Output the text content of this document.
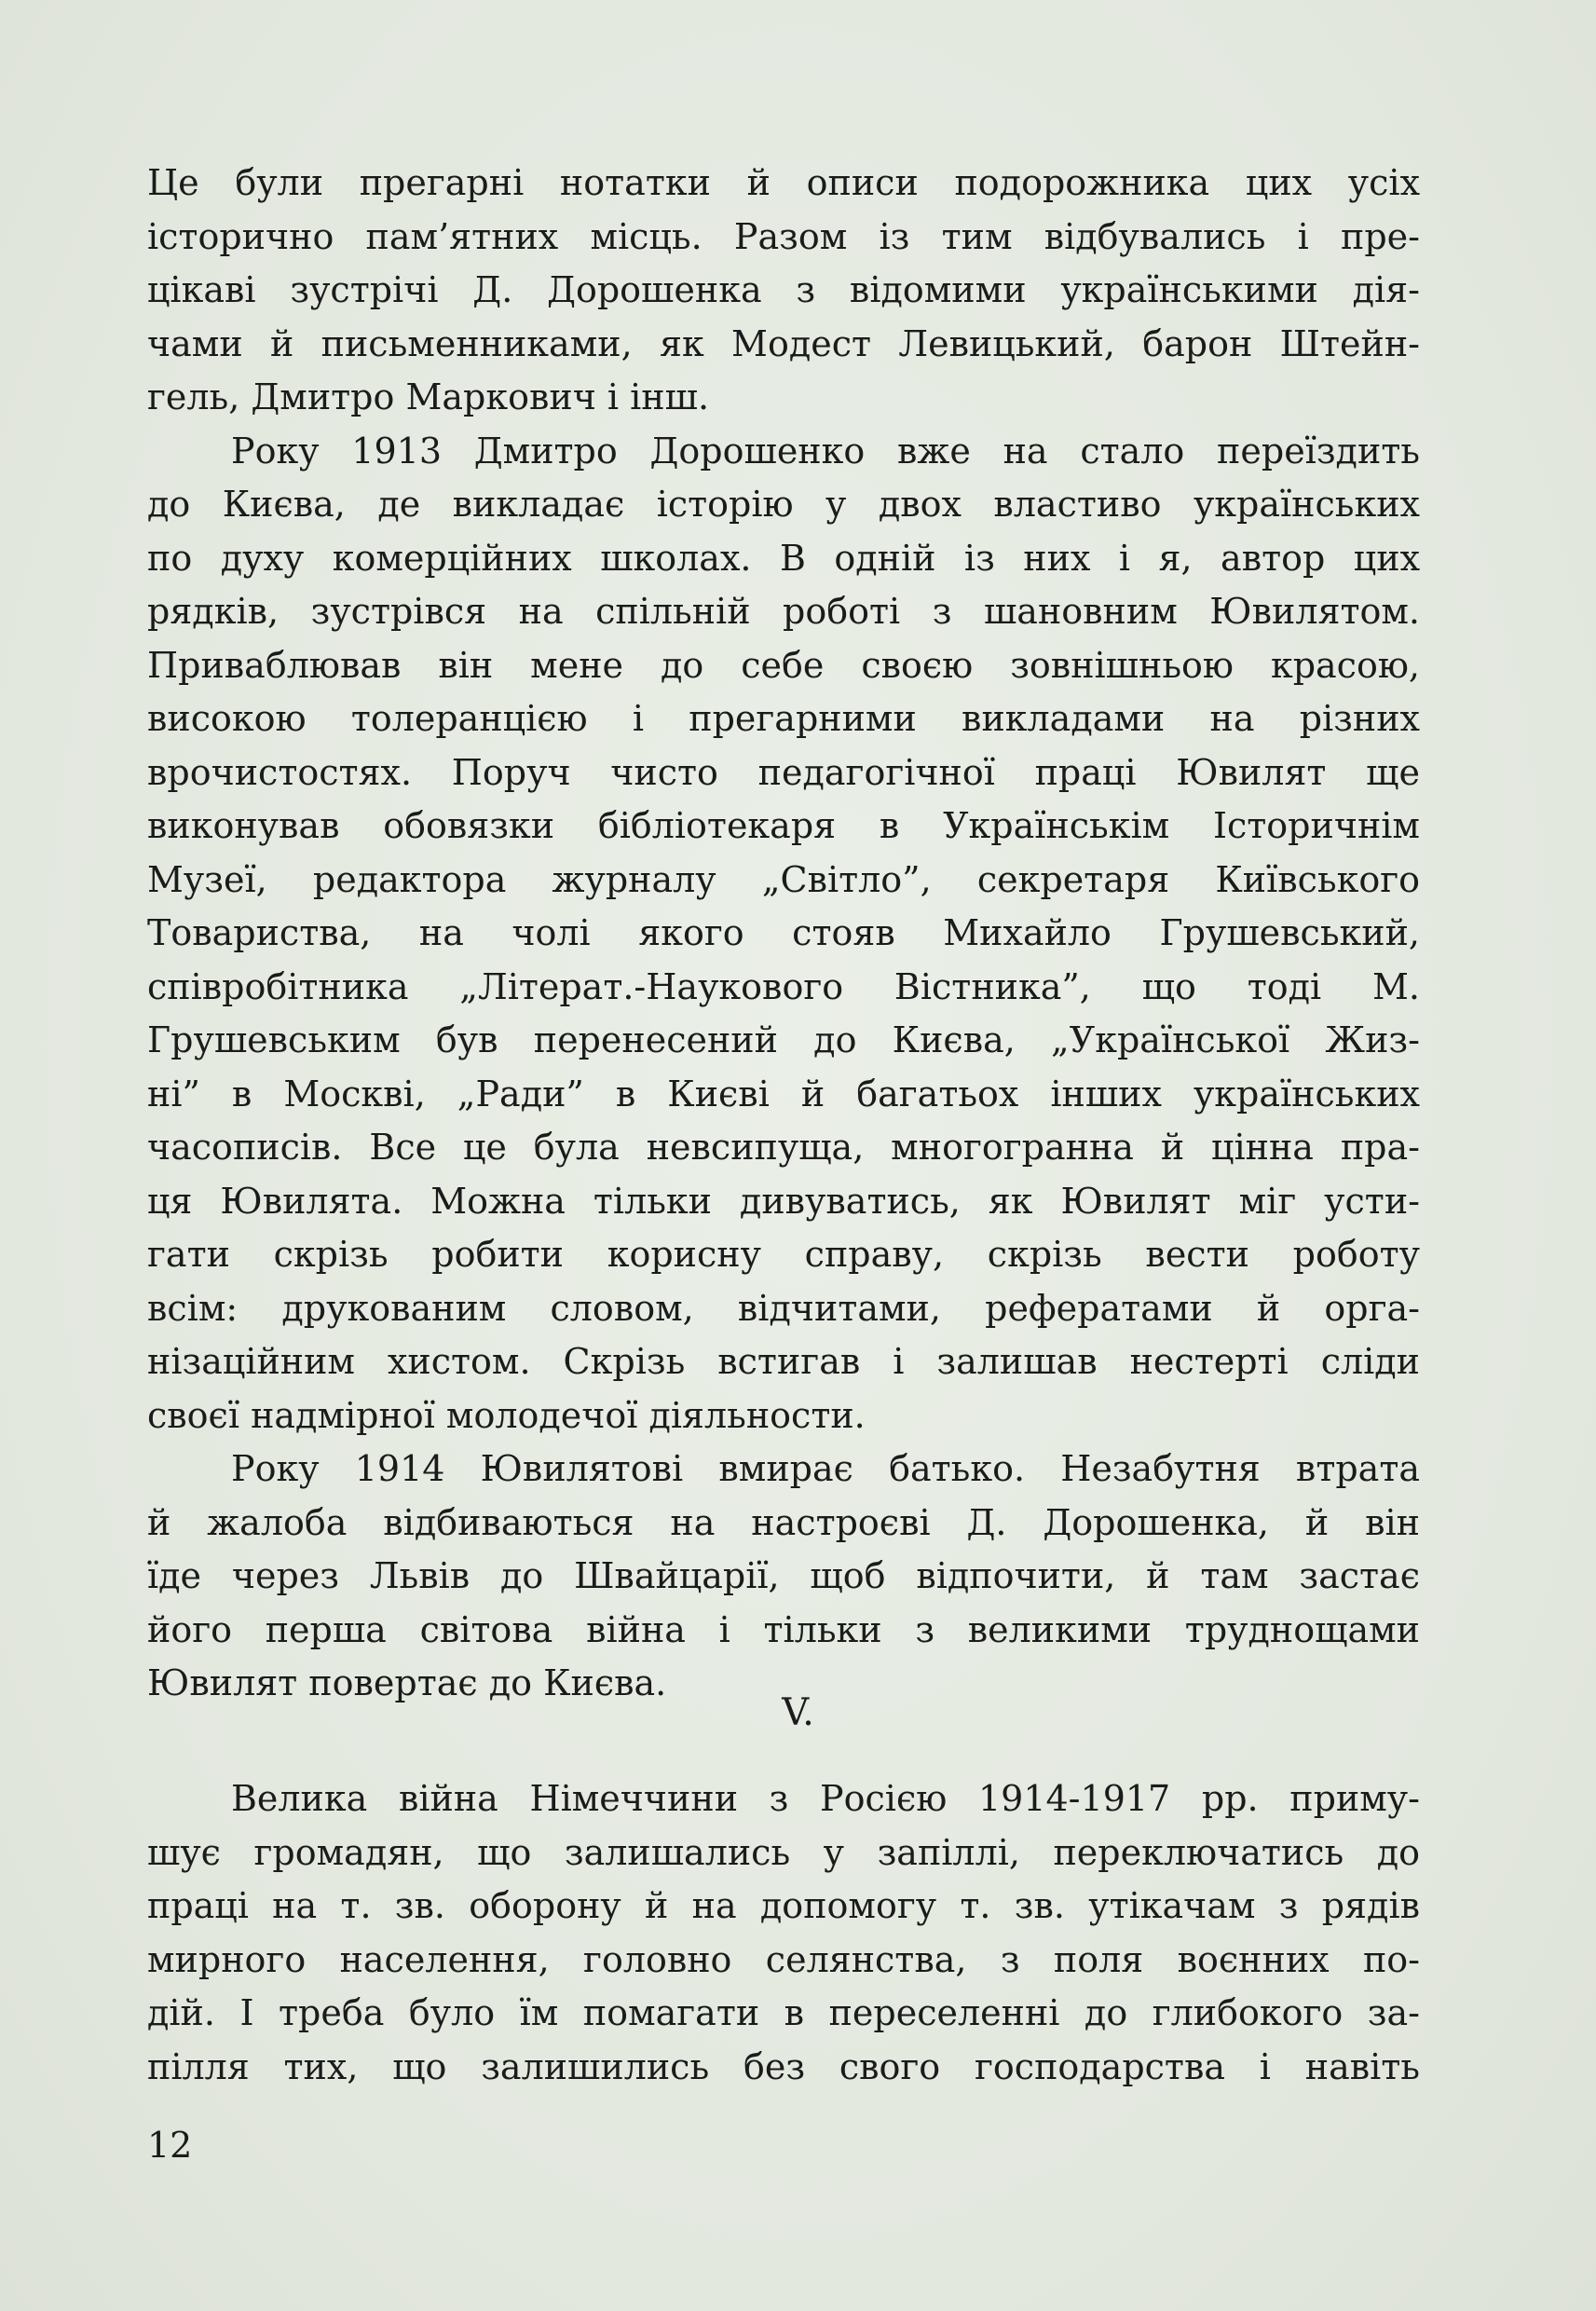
Це були прегарні нотатки й описи подорожника цих усіх
історично пам’ятних місць. Разом із тим відбувались і пре-
цікаві зустрічі Д. Дорошенка з відомими українськими дія-
чами й письменниками, як Модест Левицький, барон Штейн-
гель, Дмитро Маркович і інш.
Року 1913 Дмитро Дорошенко вже на стало переїздить
до Києва, де викладає історію у двох властиво українських
по духу комерційних школах. В одній із них і я, автор цих
рядків, зустрівся на спільній роботі з шановним Ювилятом.
Приваблював він мене до себе своєю зовнішньою красою,
високою толеранцією і прегарними викладами на різних
врочистостях. Поруч чисто педагогічної праці Ювилят ще
виконував обовязки бібліотекаря в Українськім Історичнім
Музеї, редактора журналу „Світло”, секретаря Київського
Товариства, на чолі якого стояв Михайло Грушевський,
співробітника „Літерат.-Наукового Вістника”, що тоді М.
Грушевським був перенесений до Києва, „Української Жиз-
ні” в Москві, „Ради” в Києві й багатьох інших українських
часописів. Все це була невсипуща, многогранна й цінна пра-
ця Ювилята. Можна тільки дивуватись, як Ювилят міг усти-
гати скрізь робити корисну справу, скрізь вести роботу
всім: друкованим словом, відчитами, рефератами й орга-
нізаційним хистом. Скрізь встигав і залишав нестерті сліди
своєї надмірної молодечої діяльности.
Року 1914 Ювилятові вмирає батько. Незабутня втрата
й жалоба відбиваються на настроєві Д. Дорошенка, й він
їде через Львів до Швайцарії, щоб відпочити, й там застає
його перша світова війна і тільки з великими труднощами
Ювилят повертає до Києва.
V.
Велика війна Німеччини з Росією 1914-1917 рр. приму-
шує громадян, що залишались у запіллі, переключатись до
праці на т. зв. оборону й на допомогу т. зв. утікачам з рядів
мирного населення, головно селянства, з поля воєнних по-
дій. І треба було їм помагати в переселенні до глибокого за-
пілля тих, що залишились без свого господарства і навіть
12
